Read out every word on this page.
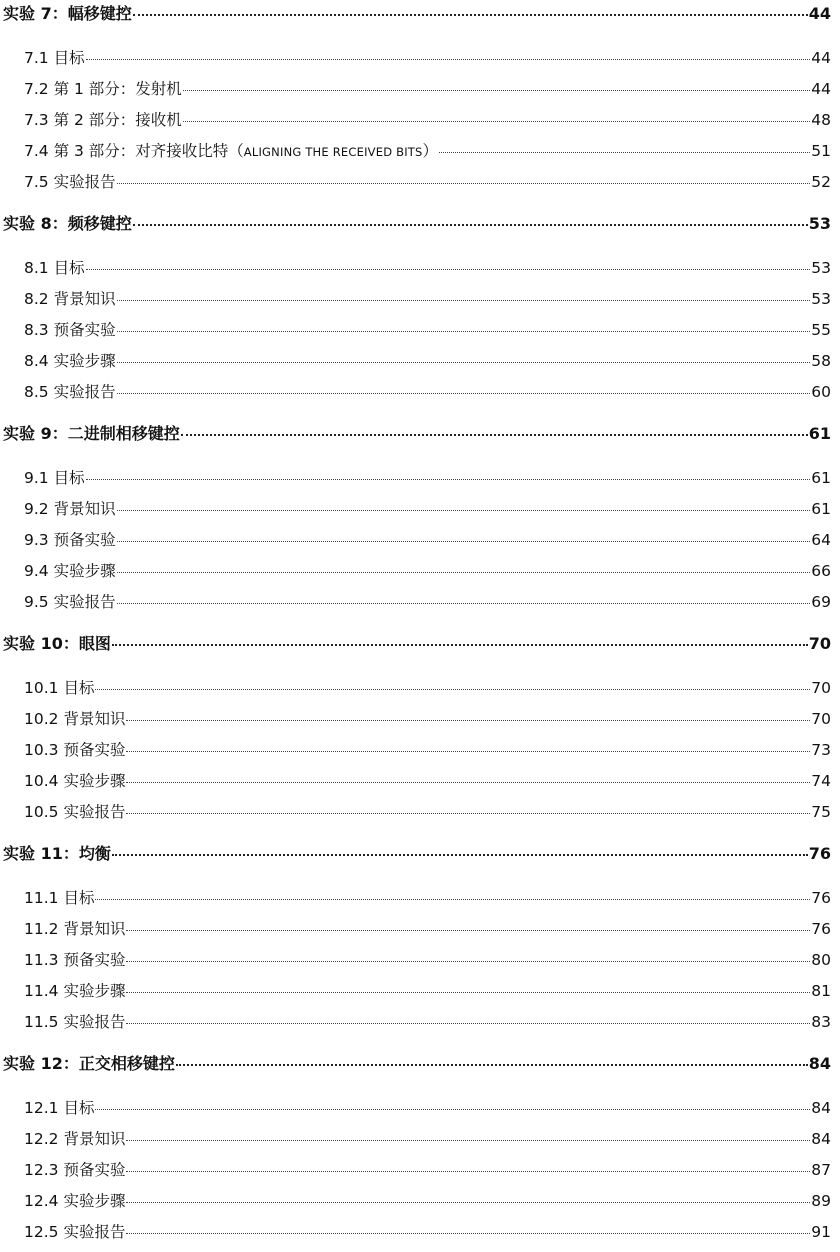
实验 7：幅移键控	44
7.1 目标	44
7.2 第 1 部分：发射机	44
7.3 第 2 部分：接收机	48
7.4 第 3 部分：对齐接收比特（ALIGNING THE RECEIVED BITS）	51
7.5 实验报告	52
实验 8：频移键控	53
8.1 目标	53
8.2 背景知识	53
8.3 预备实验	55
8.4 实验步骤	58
8.5 实验报告	60
实验 9：二进制相移键控	61
9.1 目标	61
9.2 背景知识	61
9.3 预备实验	64
9.4 实验步骤	66
9.5 实验报告	69
实验 10：眼图	70
10.1 目标	70
10.2 背景知识	70
10.3 预备实验	73
10.4 实验步骤	74
10.5 实验报告	75
实验 11：均衡	76
11.1 目标	76
11.2 背景知识	76
11.3 预备实验	80
11.4 实验步骤	81
11.5 实验报告	83
实验 12：正交相移键控	84
12.1 目标	84
12.2 背景知识	84
12.3 预备实验	87
12.4 实验步骤	89
12.5 实验报告	91
